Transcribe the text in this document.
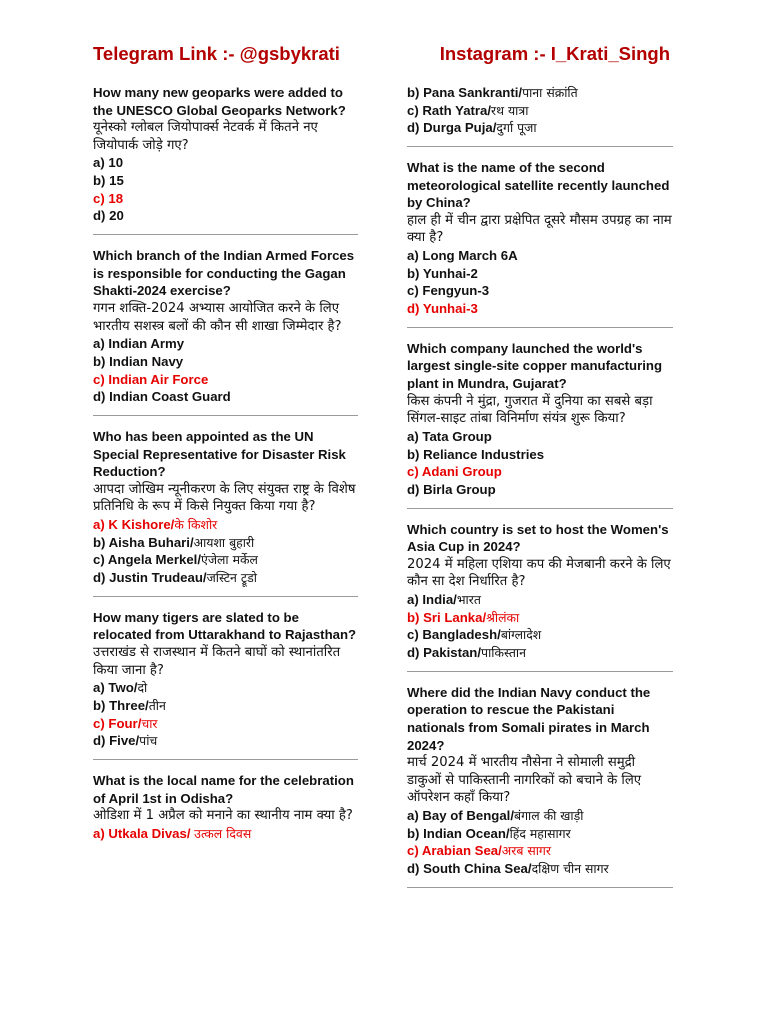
Telegram Link :- @gsbykrati	Instagram :- I_Krati_Singh
How many new geoparks were added to the UNESCO Global Geoparks Network?
यूनेस्को ग्लोबल जियोपार्क्स नेटवर्क में कितने नए जियोपार्क जोड़े गए?
a) 10
b) 15
c) 18
d) 20
Which branch of the Indian Armed Forces is responsible for conducting the Gagan Shakti-2024 exercise?
गगन शक्ति-2024 अभ्यास आयोजित करने के लिए भारतीय सशस्त्र बलों की कौन सी शाखा जिम्मेदार है?
a) Indian Army
b) Indian Navy
c) Indian Air Force
d) Indian Coast Guard
Who has been appointed as the UN Special Representative for Disaster Risk Reduction?
आपदा जोखिम न्यूनीकरण के लिए संयुक्त राष्ट्र के विशेष प्रतिनिधि के रूप में किसे नियुक्त किया गया है?
a) K Kishore/के किशोर
b) Aisha Buhari/आयशा बुहारी
c) Angela Merkel/एंजेला मर्केल
d) Justin Trudeau/जस्टिन ट्रूडो
How many tigers are slated to be relocated from Uttarakhand to Rajasthan?
उत्तराखंड से राजस्थान में कितने बाघों को स्थानांतरित किया जाना है?
a) Two/दो
b) Three/तीन
c) Four/चार
d) Five/पांच
What is the local name for the celebration of April 1st in Odisha?
ओडिशा में 1 अप्रैल को मनाने का स्थानीय नाम क्या है?
a) Utkala Divas/ उत्कल दिवस
b) Pana Sankranti/पाना संक्रांति
c) Rath Yatra/रथ यात्रा
d) Durga Puja/दुर्गा पूजा
What is the name of the second meteorological satellite recently launched by China?
हाल ही में चीन द्वारा प्रक्षेपित दूसरे मौसम उपग्रह का नाम क्या है?
a) Long March 6A
b) Yunhai-2
c) Fengyun-3
d) Yunhai-3
Which company launched the world's largest single-site copper manufacturing plant in Mundra, Gujarat?
किस कंपनी ने मुंद्रा, गुजरात में दुनिया का सबसे बड़ा सिंगल-साइट तांबा विनिर्माण संयंत्र शुरू किया?
a) Tata Group
b) Reliance Industries
c) Adani Group
d) Birla Group
Which country is set to host the Women's Asia Cup in 2024?
2024 में महिला एशिया कप की मेजबानी करने के लिए कौन सा देश निर्धारित है?
a) India/भारत
b) Sri Lanka/श्रीलंका
c) Bangladesh/बांग्लादेश
d) Pakistan/पाकिस्तान
Where did the Indian Navy conduct the operation to rescue the Pakistani nationals from Somali pirates in March 2024?
मार्च 2024 में भारतीय नौसेना ने सोमाली समुद्री डाकुओं से पाकिस्तानी नागरिकों को बचाने के लिए ऑपरेशन कहाँ किया?
a) Bay of Bengal/बंगाल की खाड़ी
b) Indian Ocean/हिंद महासागर
c) Arabian Sea/अरब सागर
d) South China Sea/दक्षिण चीन सागर
